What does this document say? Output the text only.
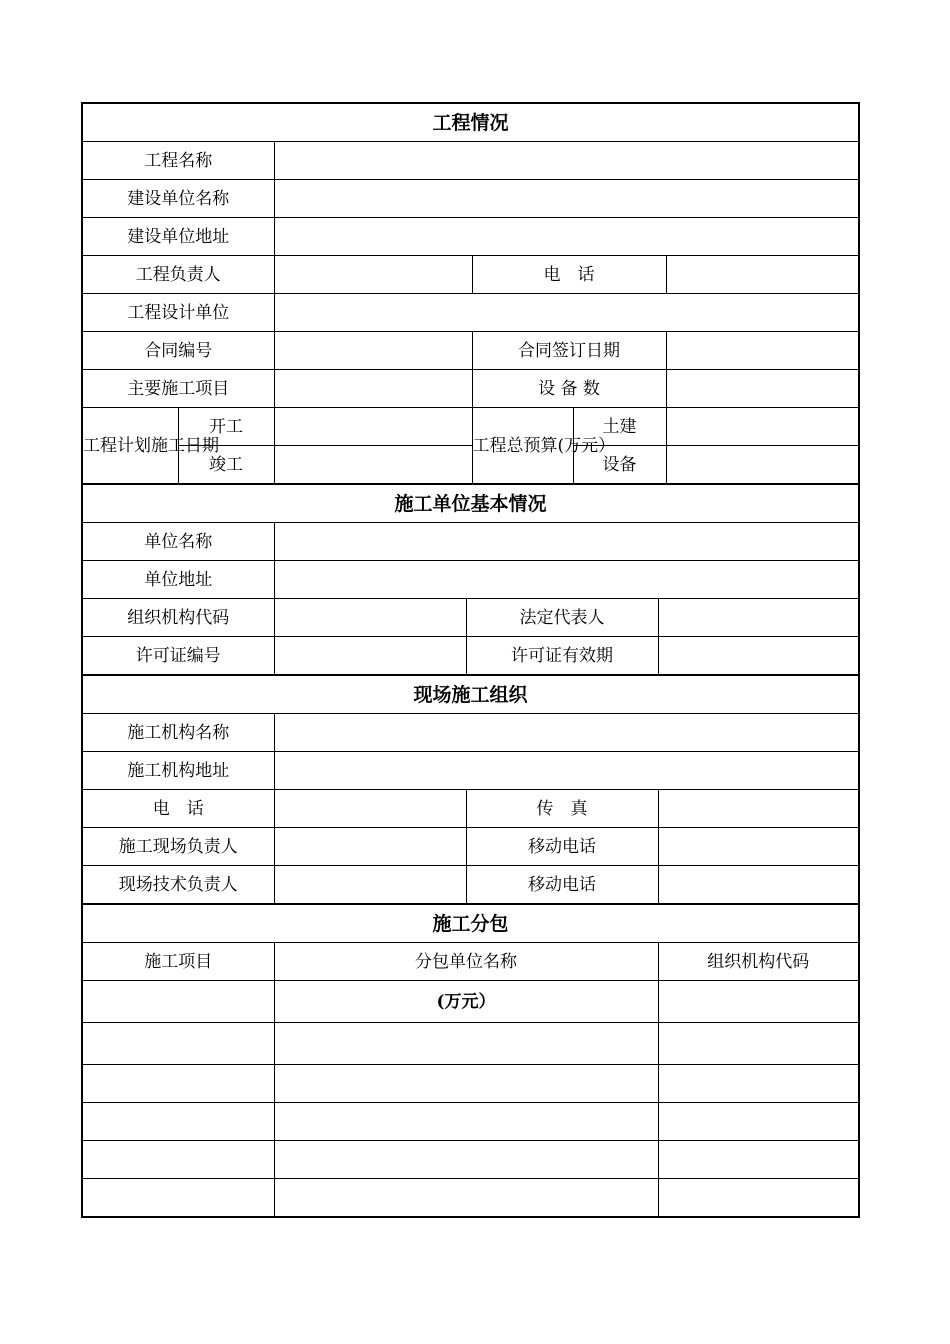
工程情况							
工程名称							
建设单位名称							
建设单位地址							
工程负责人				电　话			
工程设计单位							
合同编号				合同签订日期			
主要施工项目				设 备 数			
工程计划施工日期	开工			工程总预算(万元）	土建		
	竣工				设备		
施工单位基本情况							
单位名称							
单位地址							
组织机构代码			法定代表人				
许可证编号			许可证有效期				
现场施工组织							
施工机构名称							
施工机构地址							
电　话			传　真				
施工现场负责人			移动电话				
现场技术负责人			移动电话				
施工分包							
施工项目		分包单位名称				组织机构代码	
		(万元）					
